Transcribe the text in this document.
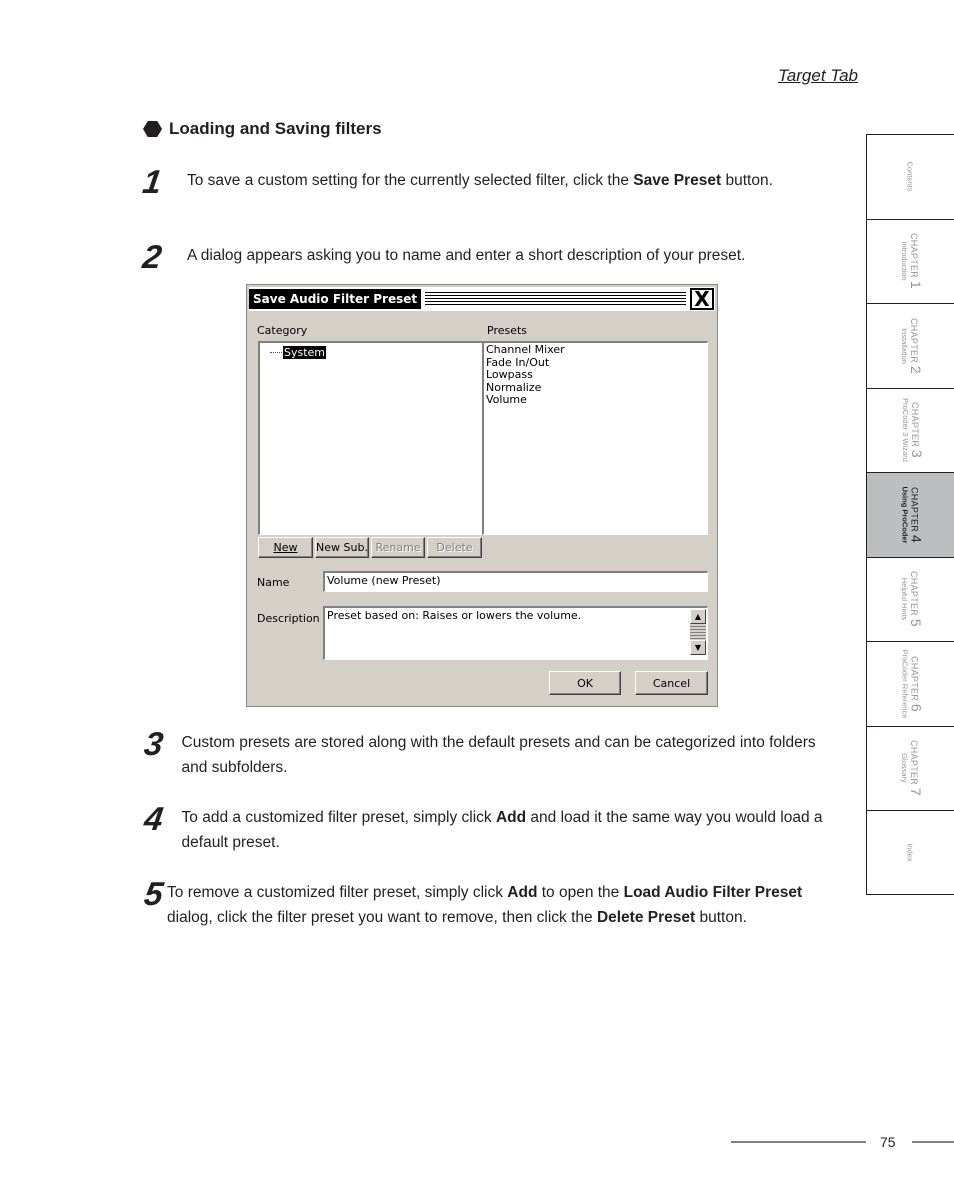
Target Tab
Loading and Saving filters
1	To save a custom setting for the currently selected filter, click the Save Preset button.
2	A dialog appears asking you to name and enter a short description of your preset.
Save Audio Filter Preset	X
Category	Presets
System	Channel Mixer
Fade In/Out
Lowpass
Normalize
Volume
New New Sub. Rename Delete
Name	Volume (new Preset)
Description Preset based on: Raises or lowers the volume.	▲
▼
OK	Cancel
3	Custom presets are stored along with the default presets and can be categorized into folders and subfolders.
4	To add a customized filter preset, simply click Add and load it the same way you would load a default preset.
5 To remove a customized filter preset, simply click Add to open the Load Audio Filter Preset dialog, click the filter preset you want to remove, then click the Delete Preset button.
Contents
CHAPTER 1
Introduction
CHAPTER 2
Installation
CHAPTER 3
ProCoder 3 Wizard
CHAPTER 4
Using ProCoder
CHAPTER 5
Helpful Hints
CHAPTER 6
ProCoder Reference
CHAPTER 7
Glossary
Index
75
